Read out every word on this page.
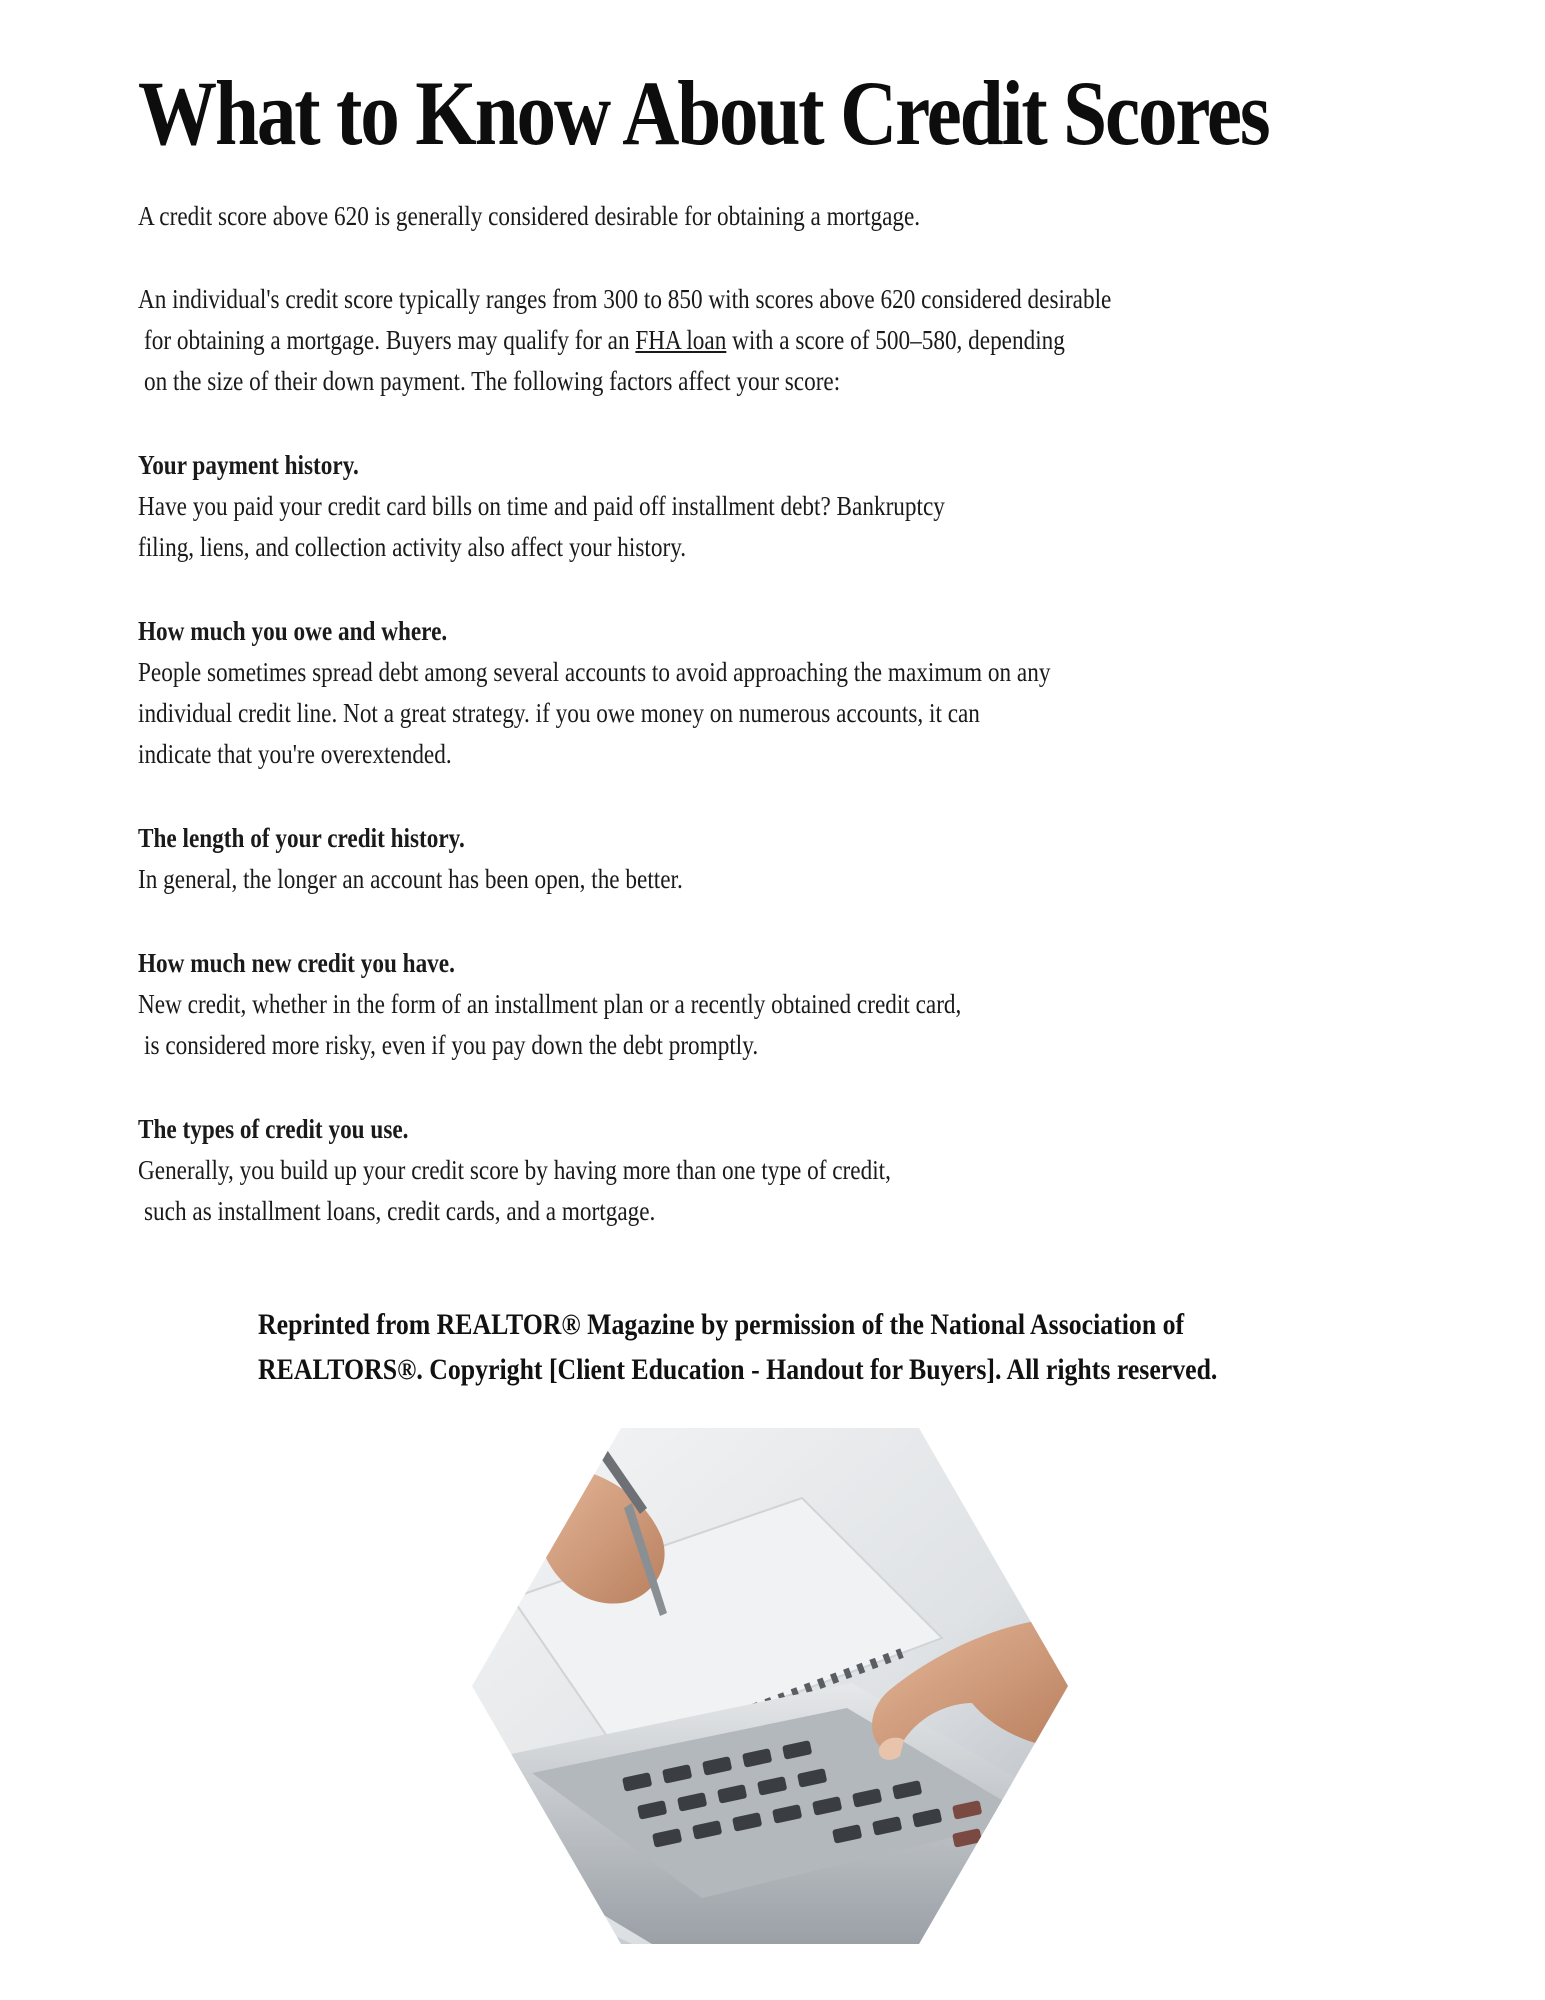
What to Know About Credit Scores

A credit score above 620 is generally considered desirable for obtaining a mortgage.

An individual's credit score typically ranges from 300 to 850 with scores above 620 considered desirable
for obtaining a mortgage. Buyers may qualify for an FHA loan with a score of 500–580, depending
on the size of their down payment. The following factors affect your score:

Your payment history.
Have you paid your credit card bills on time and paid off installment debt? Bankruptcy
filing, liens, and collection activity also affect your history.
How much you owe and where.
People sometimes spread debt among several accounts to avoid approaching the maximum on any
individual credit line. Not a great strategy. if you owe money on numerous accounts, it can
indicate that you're overextended.
The length of your credit history.
In general, the longer an account has been open, the better.
How much new credit you have.
New credit, whether in the form of an installment plan or a recently obtained credit card,
is considered more risky, even if you pay down the debt promptly.
The types of credit you use.
Generally, you build up your credit score by having more than one type of credit,
such as installment loans, credit cards, and a mortgage.

Reprinted from REALTOR® Magazine by permission of the National Association of
REALTORS®. Copyright [Client Education - Handout for Buyers]. All rights reserved.
